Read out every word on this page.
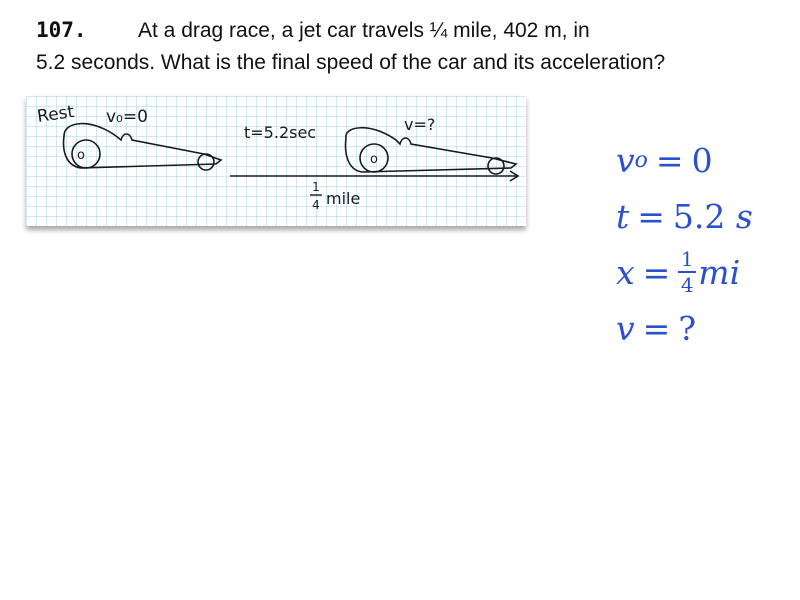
107. At a drag race, a jet car travels ¼ mile, 402 m, in
5.2 seconds. What is the final speed of the car and its acceleration?
o	o
Rest v₀=0
t=5.2sec	v=?
1
4 mile
v o = 0
t = 5.2
s
$x = \frac{1}{4}$ mi
v = ?
